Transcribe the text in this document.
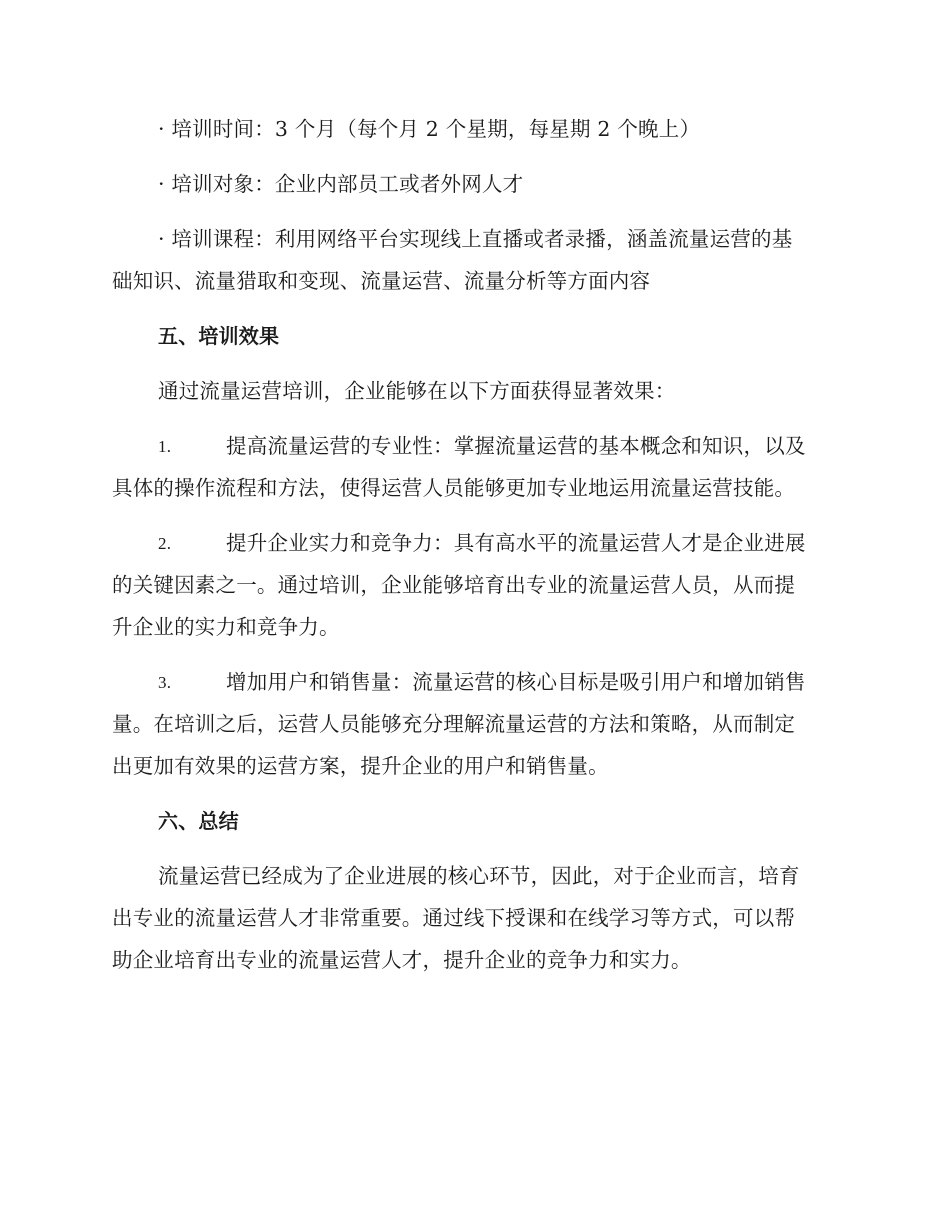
· 培训时间：3 个月（每个月 2 个星期，每星期 2 个晚上）
· 培训对象：企业内部员工或者外网人才
· 培训课程：利用网络平台实现线上直播或者录播，涵盖流量运营的基
础知识、流量猎取和变现、流量运营、流量分析等方面内容
五、培训效果
通过流量运营培训，企业能够在以下方面获得显著效果：
1.	提高流量运营的专业性：掌握流量运营的基本概念和知识，以及
具体的操作流程和方法，使得运营人员能够更加专业地运用流量运营技能。
2.	提升企业实力和竞争力：具有高水平的流量运营人才是企业进展
的关键因素之一。通过培训，企业能够培育出专业的流量运营人员，从而提
升企业的实力和竞争力。
3.	增加用户和销售量：流量运营的核心目标是吸引用户和增加销售
量。在培训之后，运营人员能够充分理解流量运营的方法和策略，从而制定
出更加有效果的运营方案，提升企业的用户和销售量。
六、总结
流量运营已经成为了企业进展的核心环节，因此，对于企业而言，培育
出专业的流量运营人才非常重要。通过线下授课和在线学习等方式，可以帮
助企业培育出专业的流量运营人才，提升企业的竞争力和实力。
